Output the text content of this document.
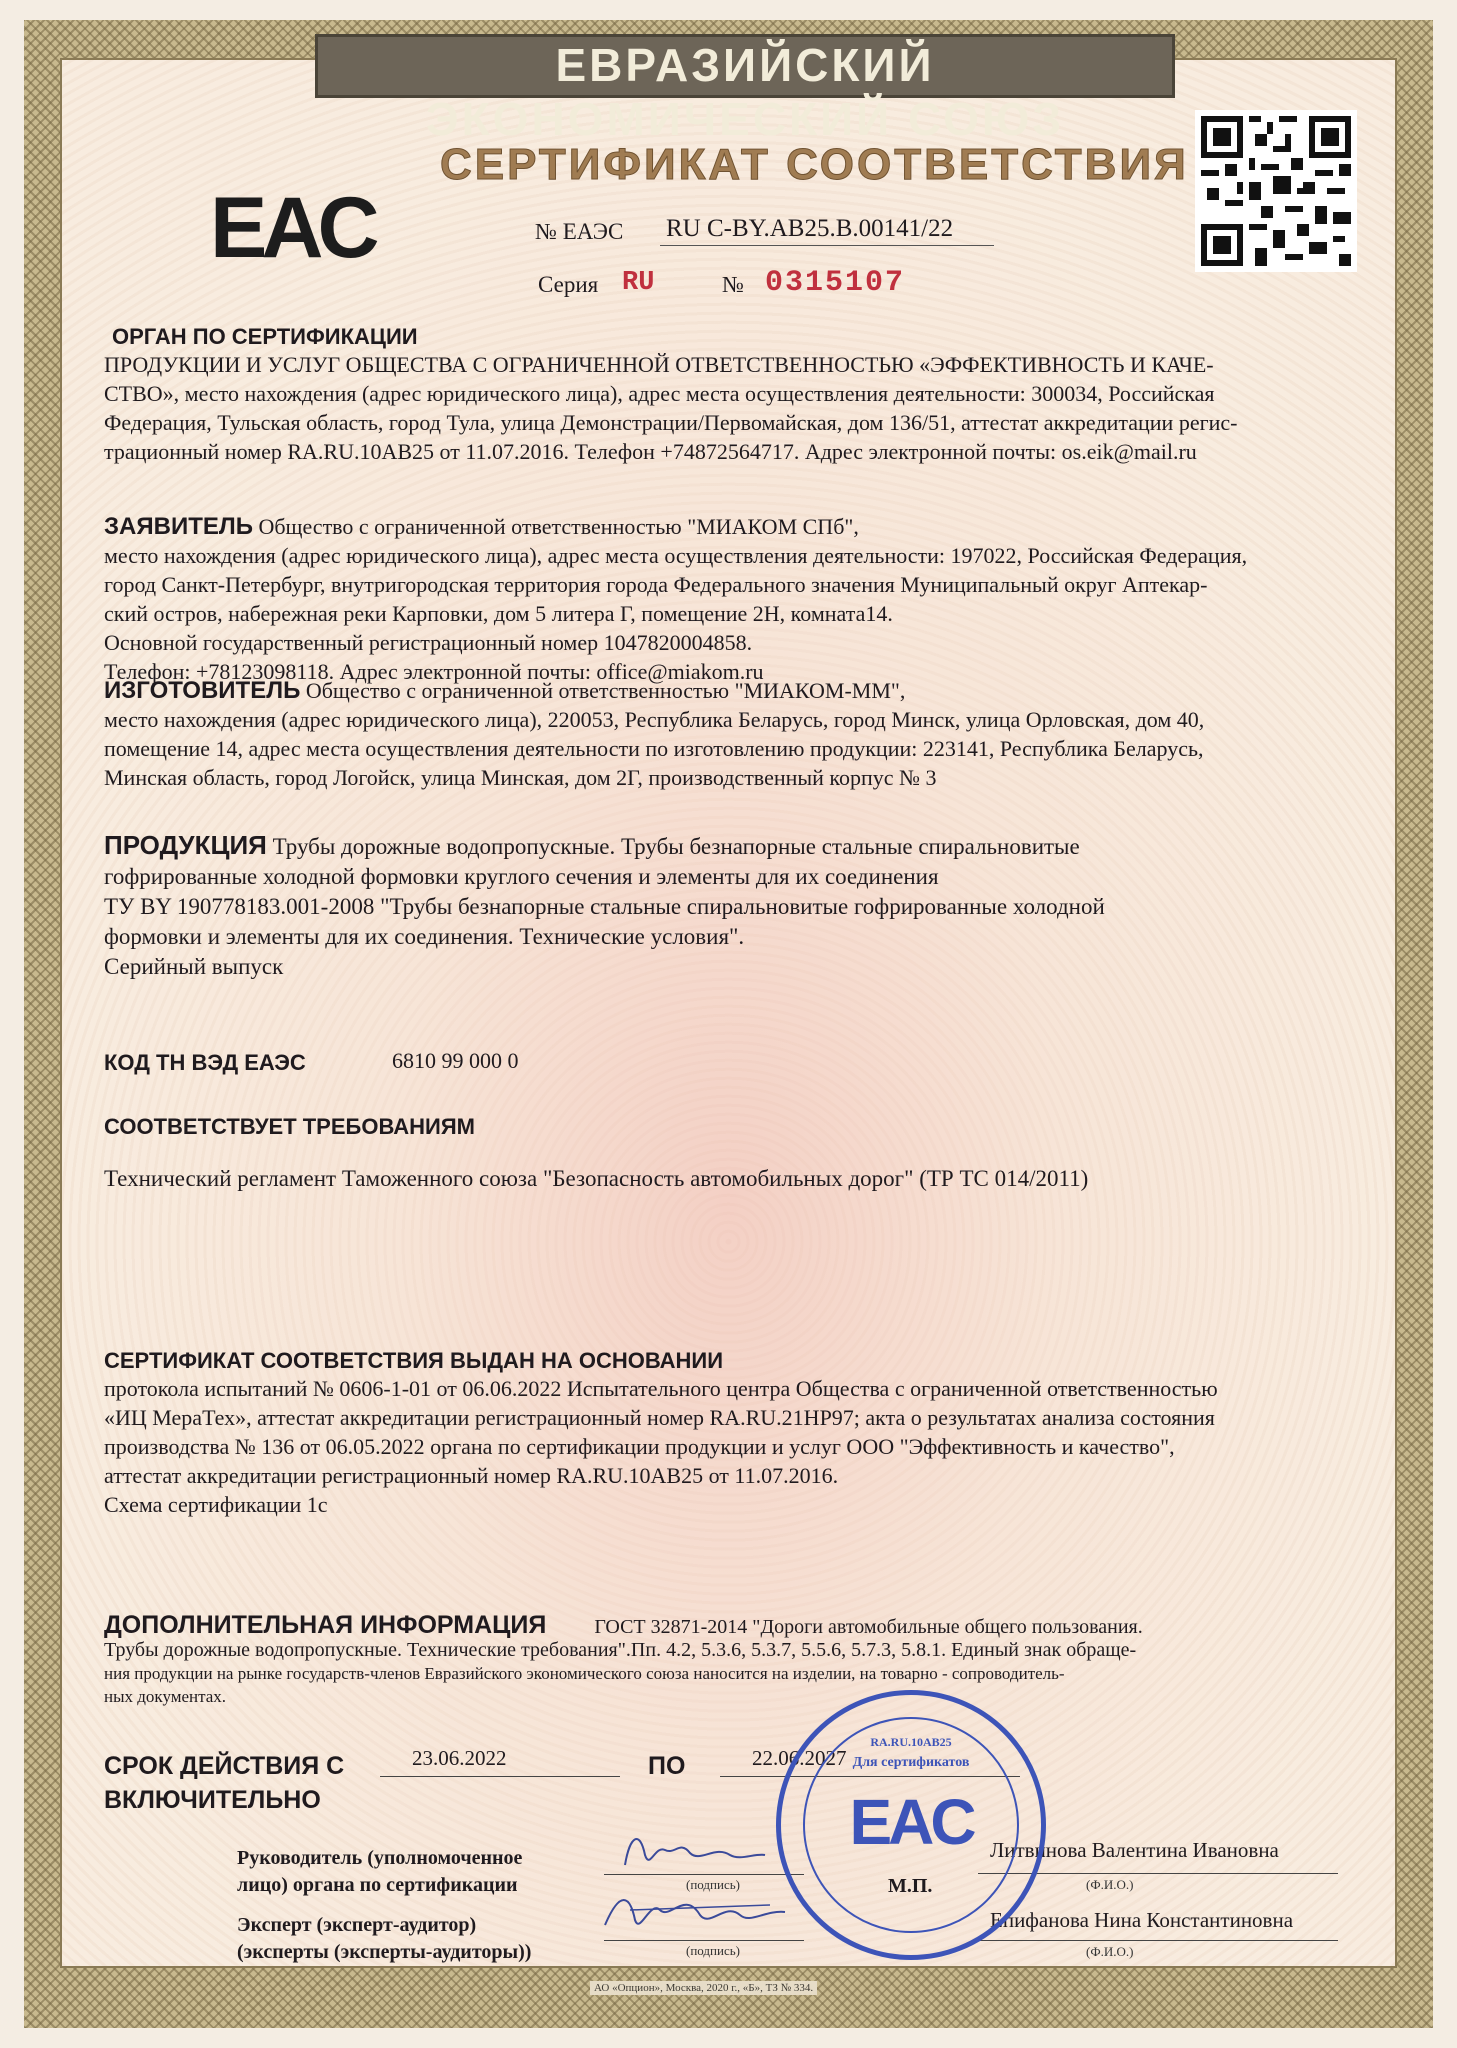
ЕВРАЗИЙСКИЙ ЭКОНОМИЧЕСКИЙ СОЮЗ
EAC
СЕРТИФИКАТ СООТВЕТСТВИЯ
№ ЕАЭС RU C-BY.АВ25.В.00141/22
Серия RU	№ 0315107
ОРГАН ПО СЕРТИФИКАЦИИ
ПРОДУКЦИИ И УСЛУГ ОБЩЕСТВА С ОГРАНИЧЕННОЙ ОТВЕТСТВЕННОСТЬЮ «ЭФФЕКТИВНОСТЬ И КАЧЕ-
СТВО», место нахождения (адрес юридического лица), адрес места осуществления деятельности: 300034, Российская
Федерация, Тульская область, город Тула, улица Демонстрации/Первомайская, дом 136/51, аттестат аккредитации регис-
трационный номер RA.RU.10АВ25 от 11.07.2016. Телефон +74872564717. Адрес электронной почты: os.eik@mail.ru
ЗАЯВИТЕЛЬ Общество с ограниченной ответственностью "МИАКОМ СПб",
место нахождения (адрес юридического лица), адрес места осуществления деятельности: 197022, Российская Федерация,
город Санкт-Петербург, внутригородская территория города Федерального значения Муниципальный округ Аптекар-
ский остров, набережная реки Карповки, дом 5 литера Г, помещение 2Н, комната14.
Основной государственный регистрационный номер 1047820004858.
Телефон: +78123098118. Адрес электронной почты: office@miakom.ru
ИЗГОТОВИТЕЛЬ Общество с ограниченной ответственностью "МИАКОМ-ММ",
место нахождения (адрес юридического лица), 220053, Республика Беларусь, город Минск, улица Орловская, дом 40,
помещение 14, адрес места осуществления деятельности по изготовлению продукции: 223141, Республика Беларусь,
Минская область, город Логойск, улица Минская, дом 2Г, производственный корпус № 3
ПРОДУКЦИЯ Трубы дорожные водопропускные. Трубы безнапорные стальные спиральновитые
гофрированные холодной формовки круглого сечения и элементы для их соединения
ТУ BY 190778183.001-2008 "Трубы безнапорные стальные спиральновитые гофрированные холодной
формовки и элементы для их соединения. Технические условия".
Серийный выпуск
КОД ТН ВЭД ЕАЭС	6810 99 000 0
СООТВЕТСТВУЕТ ТРЕБОВАНИЯМ
Технический регламент Таможенного союза "Безопасность автомобильных дорог" (ТР ТС 014/2011)
СЕРТИФИКАТ СООТВЕТСТВИЯ ВЫДАН НА ОСНОВАНИИ
протокола испытаний № 0606-1-01 от 06.06.2022 Испытательного центра Общества с ограниченной ответственностью
«ИЦ МераТех», аттестат аккредитации регистрационный номер RA.RU.21НР97; акта о результатах анализа состояния
производства № 136 от 06.05.2022 органа по сертификации продукции и услуг ООО "Эффективность и качество",
аттестат аккредитации регистрационный номер RA.RU.10АВ25 от 11.07.2016.
Схема сертификации 1с
ДОПОЛНИТЕЛЬНАЯ ИНФОРМАЦИЯ ГОСТ 32871-2014 "Дороги автомобильные общего пользования.
Трубы дорожные водопропускные. Технические требования".Пп. 4.2, 5.3.6, 5.3.7, 5.5.6, 5.7.3, 5.8.1. Единый знак обраще-
ния продукции на рынке государств-членов Евразийского экономического союза наносится на изделии, на товарно - сопроводитель-
ных документах.
СРОК ДЕЙСТВИЯ С	23.06.2022	ПО	22.06.2027
ВКЛЮЧИТЕЛЬНО
Руководитель (уполномоченное
лицо) органа по сертификации	(подпись)
Литвинова Валентина Ивановна
(Ф.И.О.)
Эксперт (эксперт-аудитор)
(эксперты (эксперты-аудиторы))	(подпись)
Епифанова Нина Константиновна
(Ф.И.О.)
RA.RU.10АВ25
Для сертификатов
EAC
М.П.
АО «Опцион», Москва, 2020 г., «Б», ТЗ № 334.
